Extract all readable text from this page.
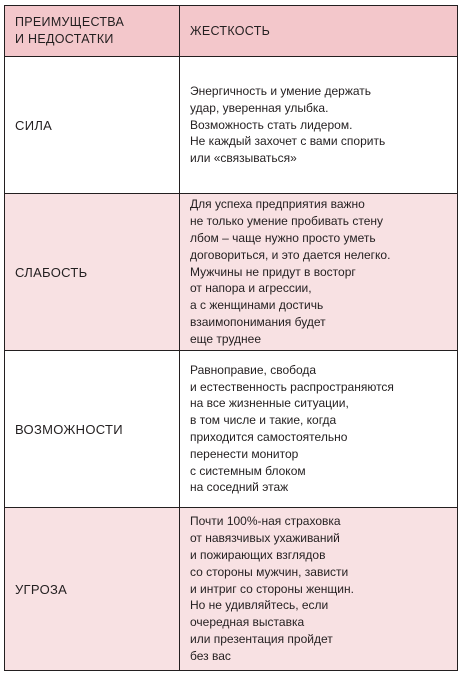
ПРЕИМУЩЕСТВА
И НЕДОСТАТКИ
ЖЕСТКОСТЬ
СИЛА
Энергичность и умение держать
удар, уверенная улыбка.
Возможность стать лидером.
Не каждый захочет с вами спорить
или «связываться»
СЛАБОСТЬ
Для успеха предприятия важно
не только умение пробивать стену
лбом – чаще нужно просто уметь
договориться, и это дается нелегко.
Мужчины не придут в восторг
от напора и агрессии,
а с женщинами достичь
взаимопонимания будет
еще труднее
ВОЗМОЖНОСТИ
Равноправие, свобода
и естественность распространяются
на все жизненные ситуации,
в том числе и такие, когда
приходится самостоятельно
перенести монитор
с системным блоком
на соседний этаж
УГРОЗА
Почти 100%-ная страховка
от навязчивых ухаживаний
и пожирающих взглядов
со стороны мужчин, зависти
и интриг со стороны женщин.
Но не удивляйтесь, если
очередная выставка
или презентация пройдет
без вас
